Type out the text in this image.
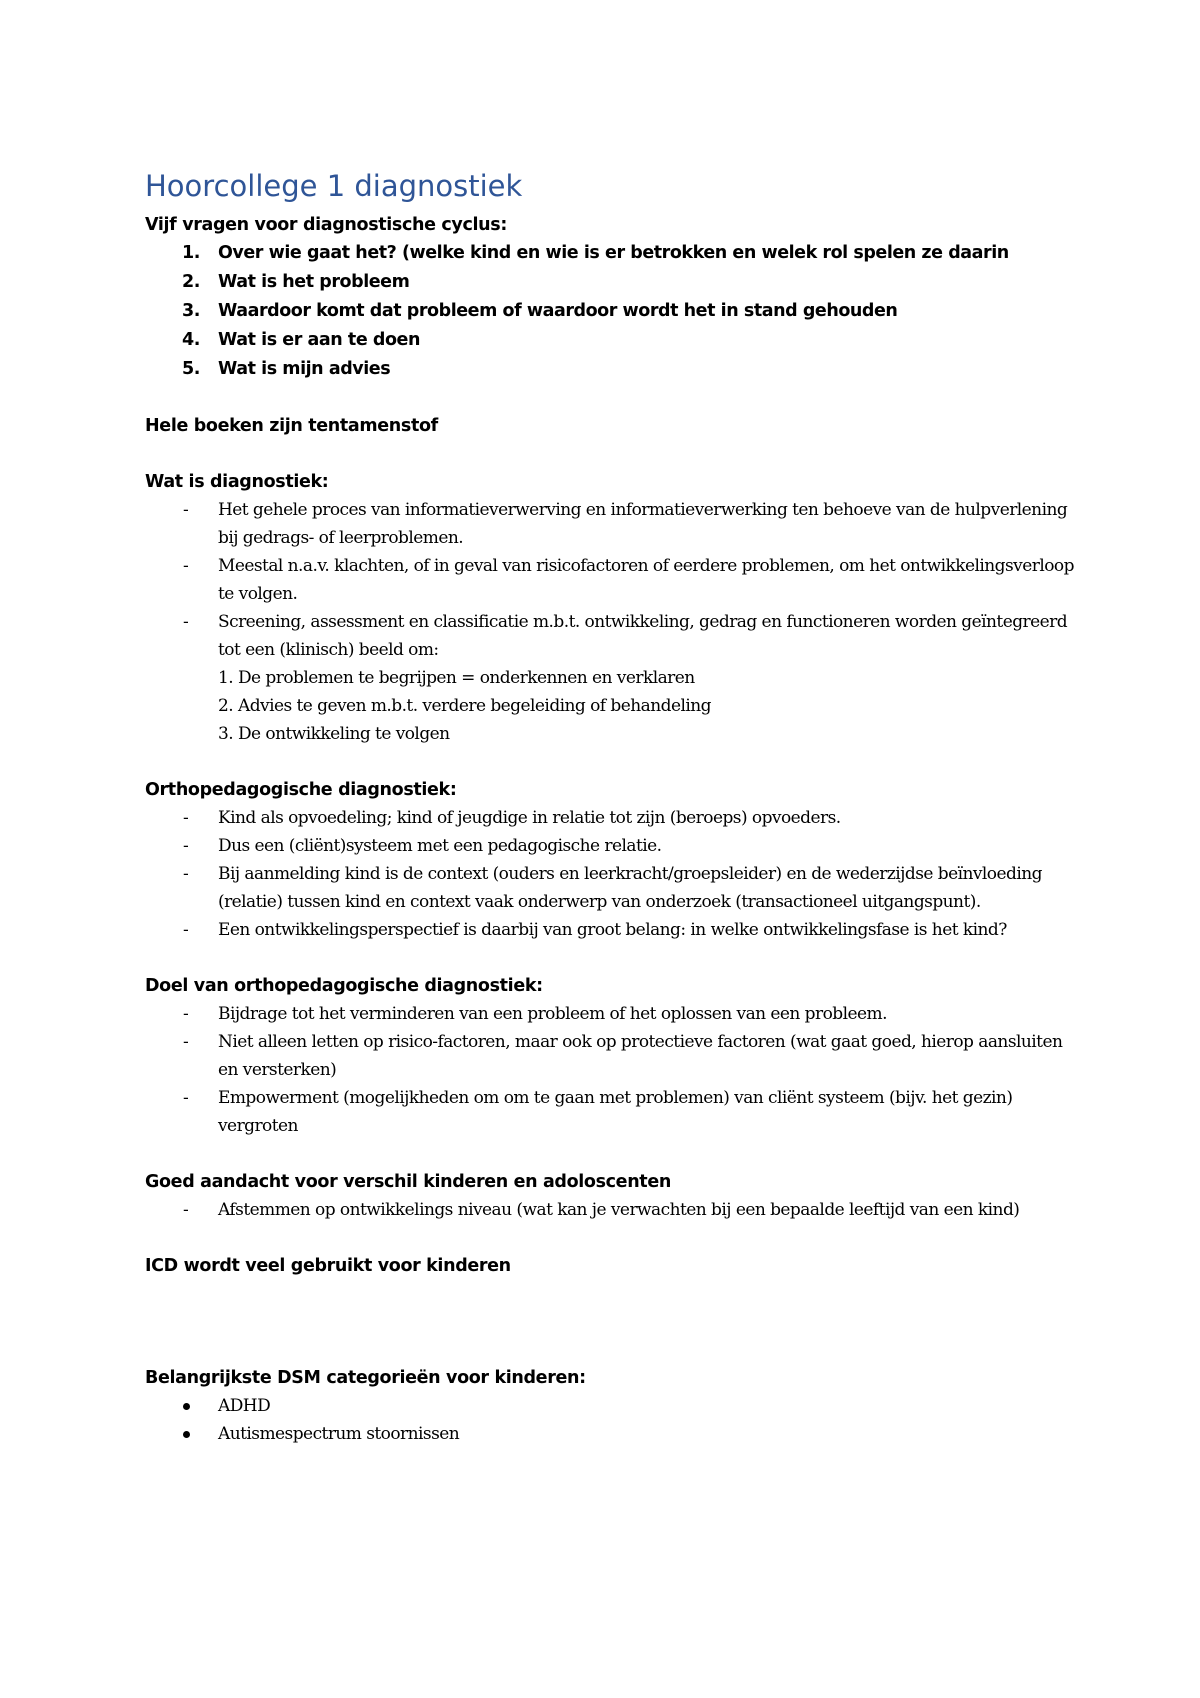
Hoorcollege 1 diagnostiek

Vijf vragen voor diagnostische cyclus:

1. Over wie gaat het? (welke kind en wie is er betrokken en welek rol spelen ze daarin
2. Wat is het probleem
3. Waardoor komt dat probleem of waardoor wordt het in stand gehouden
4. Wat is er aan te doen
5. Wat is mijn advies

Hele boeken zijn tentamenstof

Wat is diagnostiek:

- Het gehele proces van informatieverwerving en informatieverwerking ten behoeve van de hulpverlening bij gedrags- of leerproblemen.
- Meestal n.a.v. klachten, of in geval van risicofactoren of eerdere problemen, om het ontwikkelingsverloop te volgen.
- Screening, assessment en classificatie m.b.t. ontwikkeling, gedrag en functioneren worden geïntegreerd tot een (klinisch) beeld om:
1. De problemen te begrijpen = onderkennen en verklaren
2. Advies te geven m.b.t. verdere begeleiding of behandeling
3. De ontwikkeling te volgen

Orthopedagogische diagnostiek:

- Kind als opvoedeling; kind of jeugdige in relatie tot zijn (beroeps) opvoeders.
- Dus een (cliënt)systeem met een pedagogische relatie.
- Bij aanmelding kind is de context (ouders en leerkracht/groepsleider) en de wederzijdse beïnvloeding (relatie) tussen kind en context vaak onderwerp van onderzoek (transactioneel uitgangspunt).
- Een ontwikkelingsperspectief is daarbij van groot belang: in welke ontwikkelingsfase is het kind?

Doel van orthopedagogische diagnostiek:

- Bijdrage tot het verminderen van een probleem of het oplossen van een probleem.
- Niet alleen letten op risico-factoren, maar ook op protectieve factoren (wat gaat goed, hierop aansluiten en versterken)
- Empowerment (mogelijkheden om om te gaan met problemen) van cliënt systeem (bijv. het gezin) vergroten

Goed aandacht voor verschil kinderen en adoloscenten

- Afstemmen op ontwikkelings niveau (wat kan je verwachten bij een bepaalde leeftijd van een kind)

ICD wordt veel gebruikt voor kinderen

Belangrijkste DSM categorieën voor kinderen:

ADHD
Autismespectrum stoornissen
